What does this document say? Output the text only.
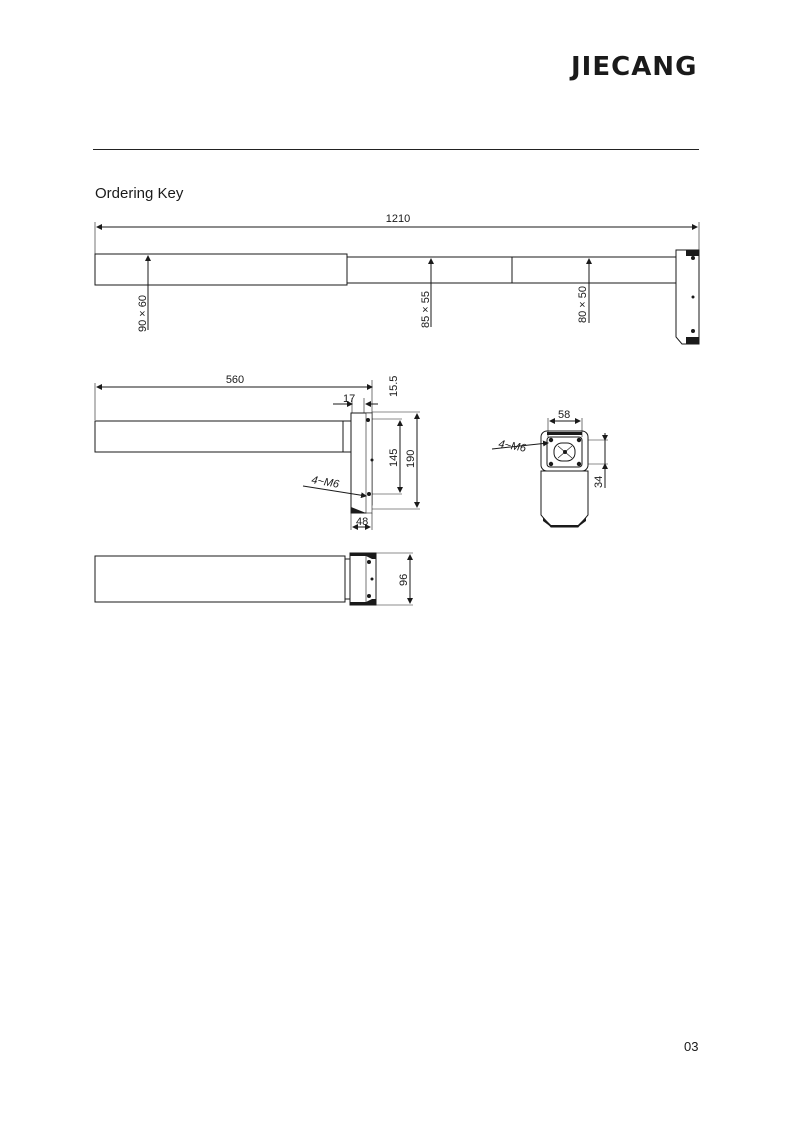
JIECANG
Ordering Key
1210
90 × 60	85 × 55	80 × 50
560
17
15.5
145 190
4~M6
48
58
4~M6
34
96
03
